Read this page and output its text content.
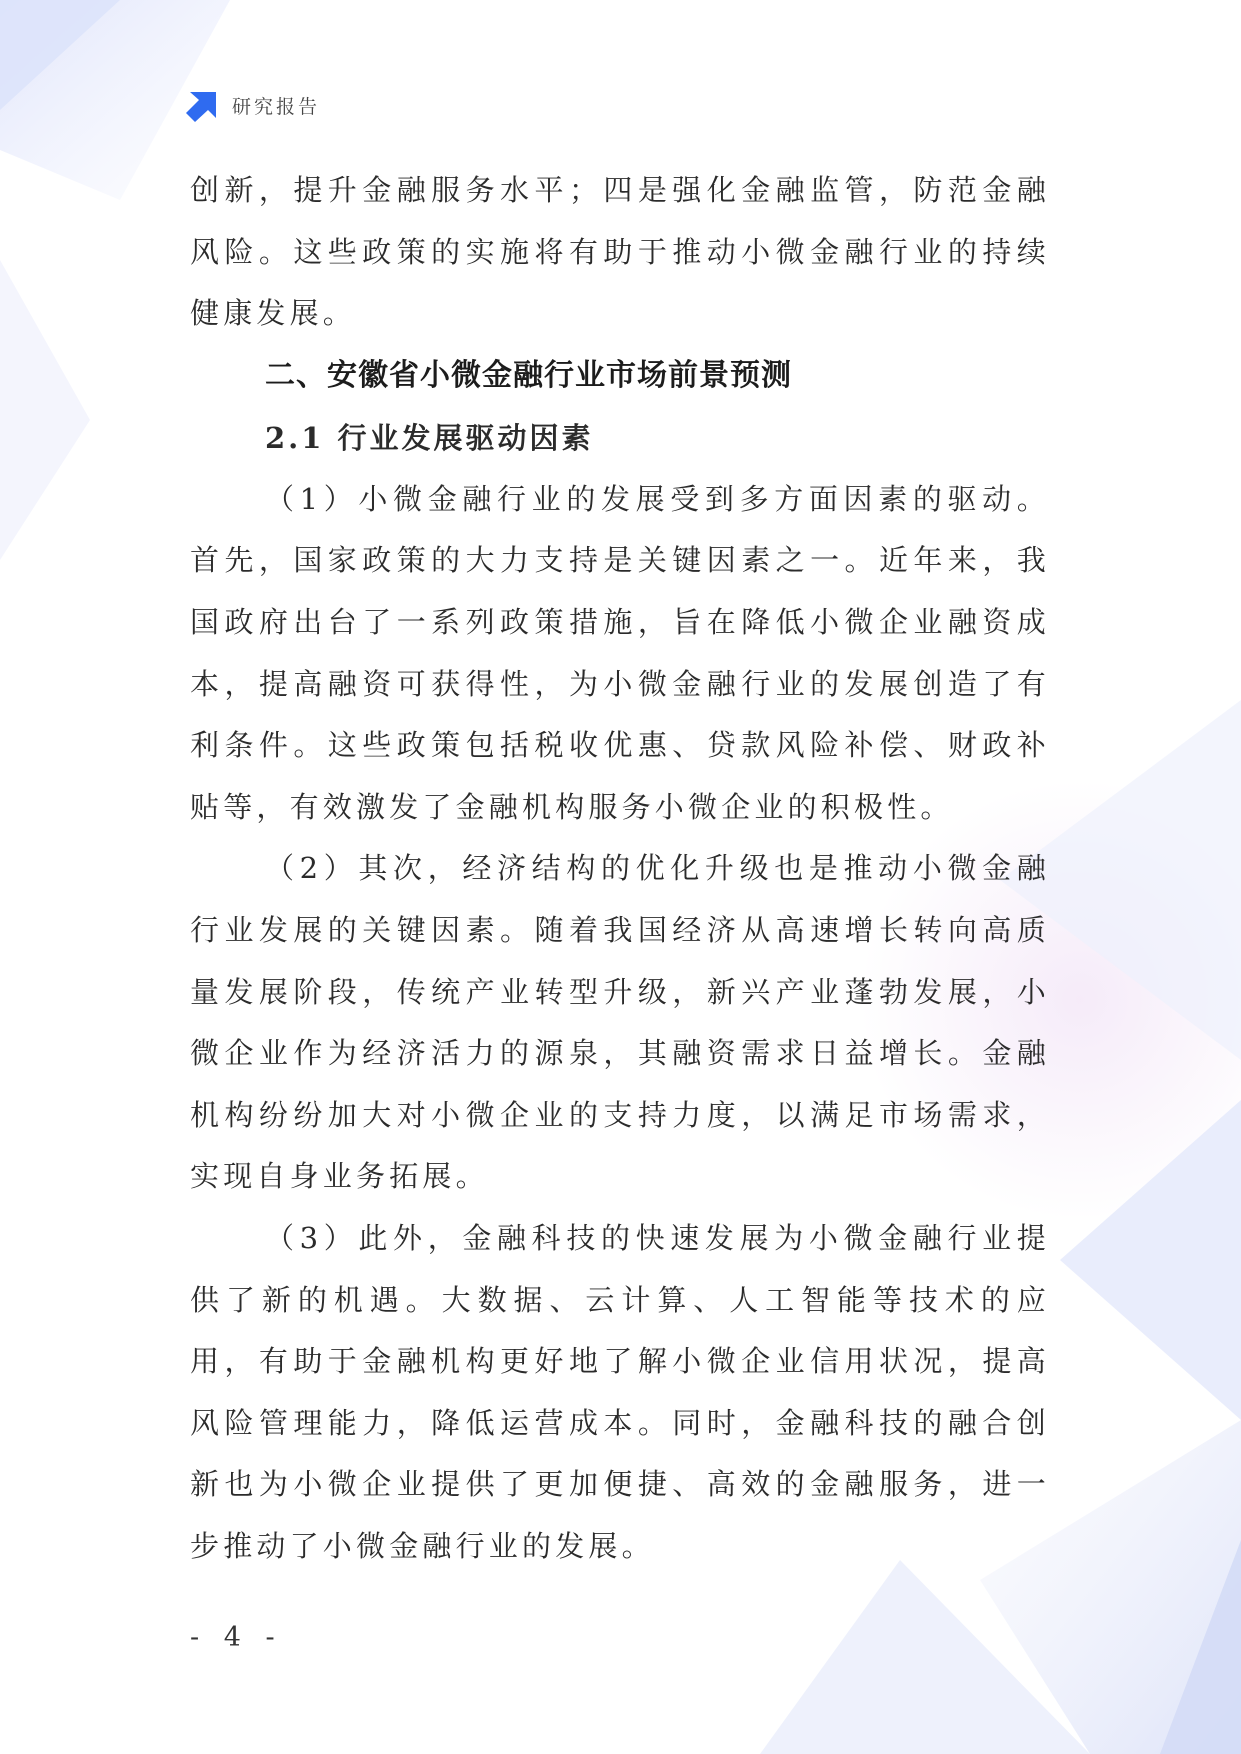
研究报告

创新，提升金融服务水平；四是强化金融监管，防范金融风险。这些政策的实施将有助于推动小微金融行业的持续健康发展。

二、安徽省小微金融行业市场前景预测
2.1 行业发展驱动因素

（1）小微金融行业的发展受到多方面因素的驱动。首先，国家政策的大力支持是关键因素之一。近年来，我国政府出台了一系列政策措施，旨在降低小微企业融资成本，提高融资可获得性，为小微金融行业的发展创造了有利条件。这些政策包括税收优惠、贷款风险补偿、财政补贴等，有效激发了金融机构服务小微企业的积极性。

（2）其次，经济结构的优化升级也是推动小微金融行业发展的关键因素。随着我国经济从高速增长转向高质量发展阶段，传统产业转型升级，新兴产业蓬勃发展，小微企业作为经济活力的源泉，其融资需求日益增长。金融机构纷纷加大对小微企业的支持力度，以满足市场需求，实现自身业务拓展。

（3）此外，金融科技的快速发展为小微金融行业提供了新的机遇。大数据、云计算、人工智能等技术的应用，有助于金融机构更好地了解小微企业信用状况，提高风险管理能力，降低运营成本。同时，金融科技的融合创新也为小微企业提供了更加便捷、高效的金融服务，进一步推动了小微金融行业的发展。

- 4 -
